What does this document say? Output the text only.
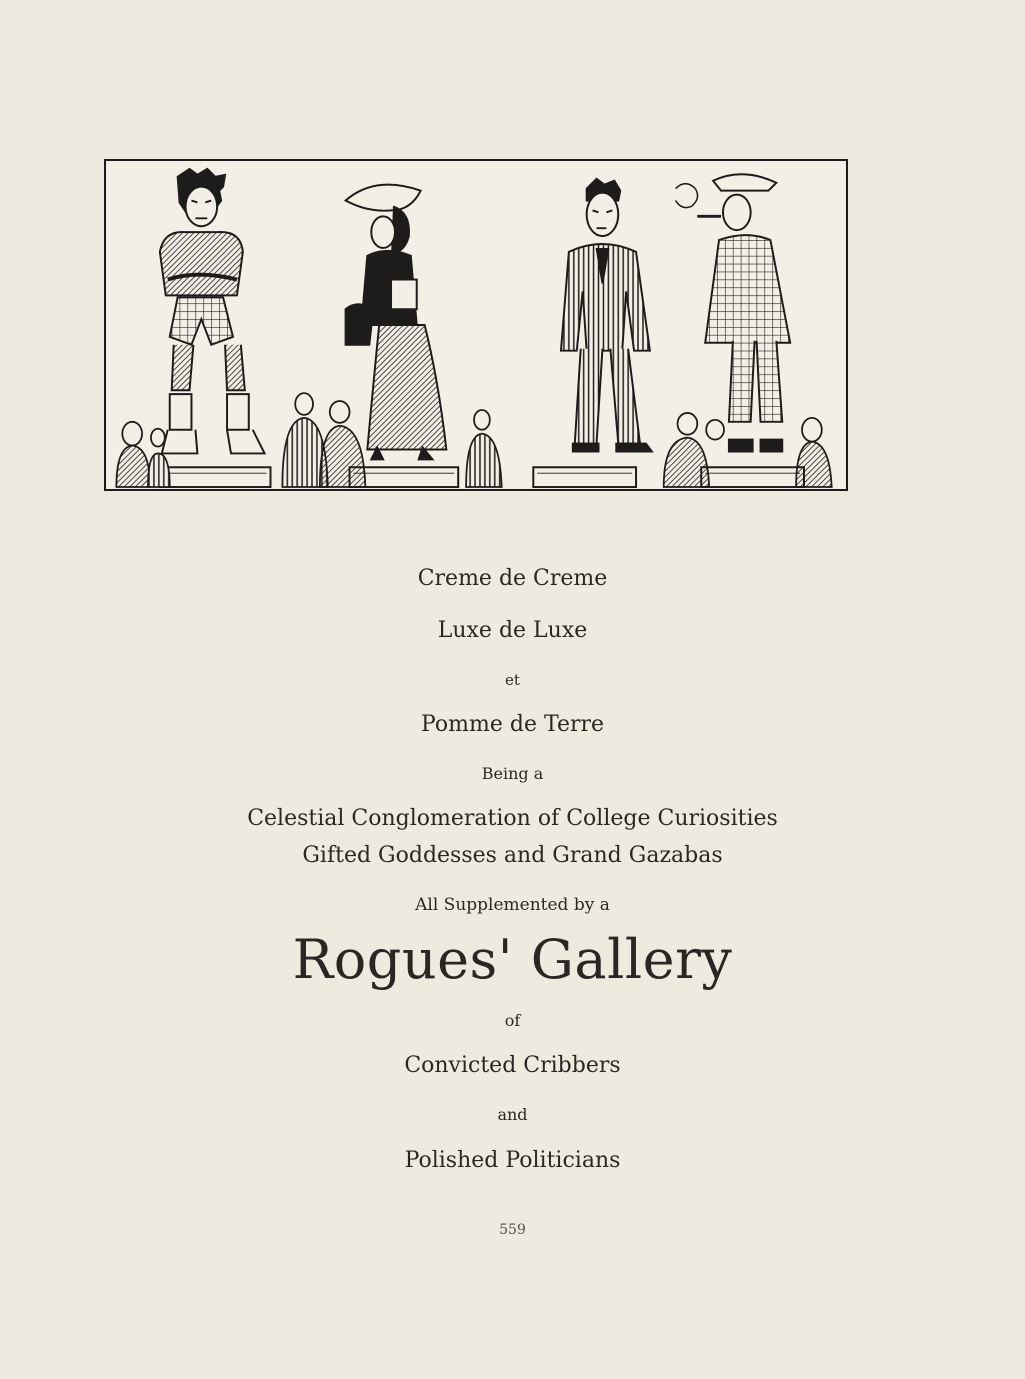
Creme de Creme
Luxe de Luxe
et
Pomme de Terre
Being a
Celestial Conglomeration of College Curiosities
Gifted Goddesses and Grand Gazabas
All Supplemented by a
Rogues' Gallery
of
Convicted Cribbers
and
Polished Politicians
559
